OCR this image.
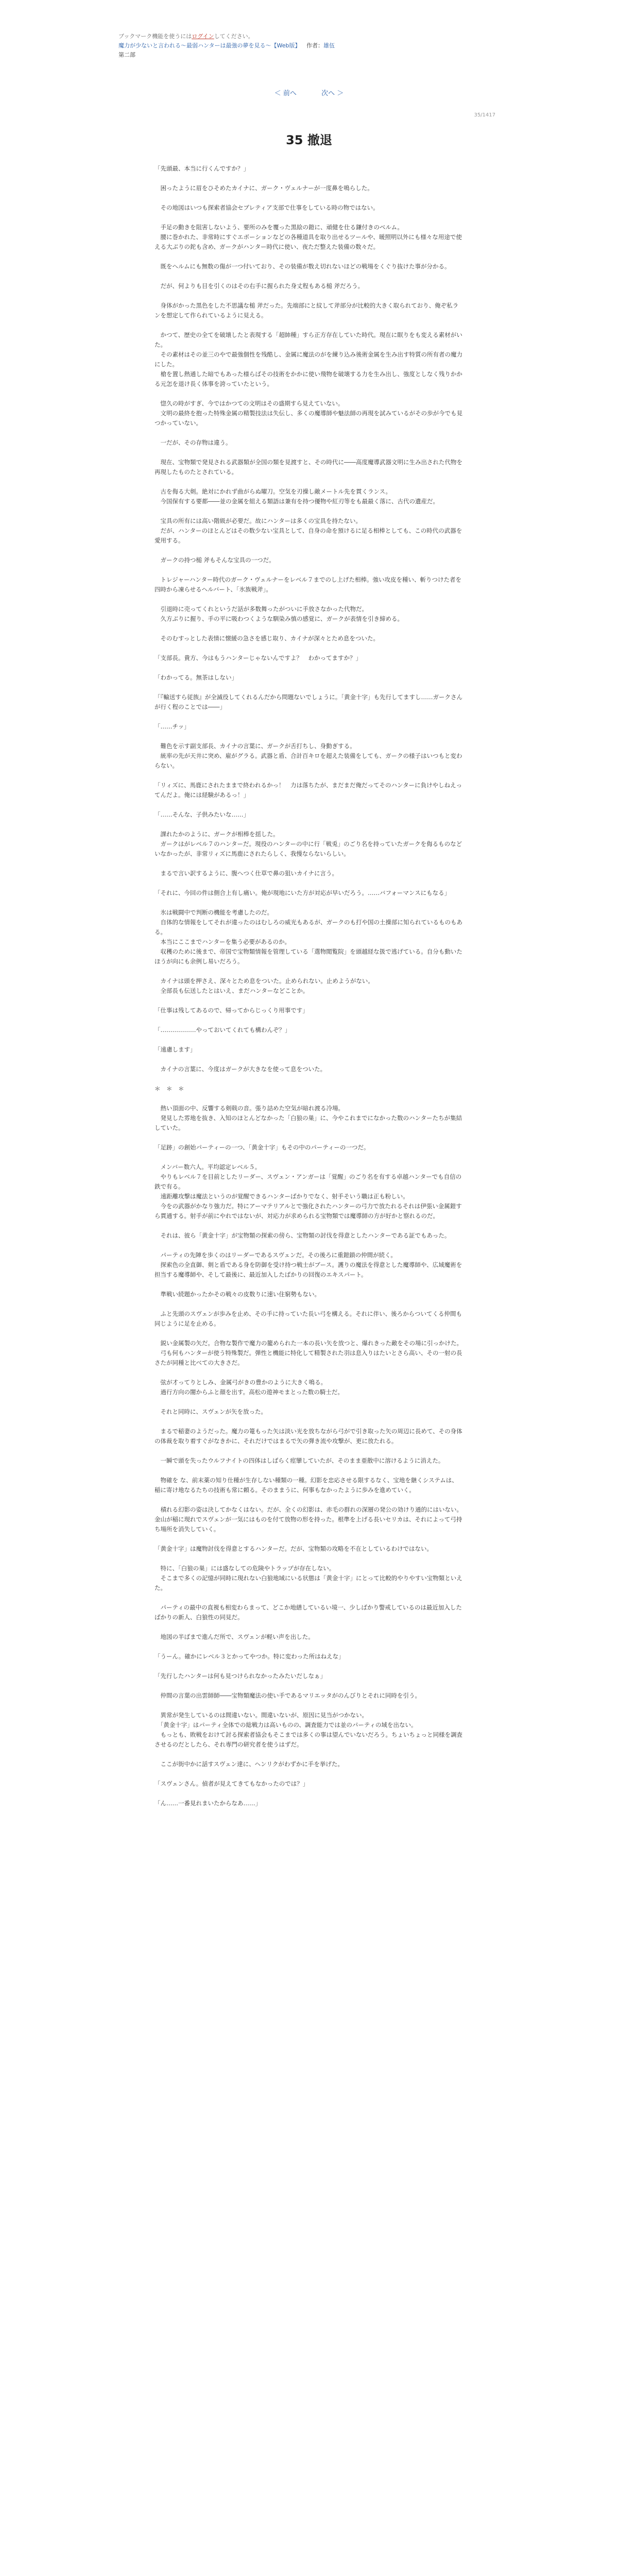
ブックマーク機能を使うにはログインしてください。
魔力が少ないと言われる〜最弱ハンターは最強の夢を見る〜【Web版】 作者：雄伍
第二部
＜ 前へ	次へ ＞
35/1417
35 撤退

「先頭最、本当に行くんですか？」

　困ったように眉をひそめたカイナに、ガーク・ヴェルナーが一度鼻を鳴らした。

　その地図はいつも探索者協会セブレティア支部で仕事をしている時の物ではない。

　手足の動きを阻害しないよう、要所のみを覆った黒絵の鎧に、頑健を仕る鎌付きのベルム。
　腰に巻かれた、非常時にすぐエボーションなどの各種道具を取り出せるツールや、暖照明以外にも様々な用途で使える大ぶりの鉈も含め、ガークがハンター時代に使い、夜ただ整えた装備の数々だ。

　既をヘルムにも無数の傷が一つ付いており、その装備が数え切れないほどの戦場をくぐり抜けた事が分かる。

　だが、何よりも目を引くのはその右手に握られた身丈程もある槌 斧だろう。

　身体がかった黒色をした不思議な槌 斧だった。先端部にと紋して斧部分が比較的大きく取られており、俺ぞ私ランを想定して作られているように見える。

　かつて、歴史の全てを破壊したと表現する「超帥種」すら正方存在していた時代。現在に眠りをも変える素材がいた。
　その素材はその並三のやで最強個性を残酷し、金属に魔法のがを練り込み後術金属を生み出す特質の所有者の魔力にした。
　槍を置し熱通した暗でもあった様らばその技術をかかに使い飛物を破壊する力を生み出し、強度としなく残りかかる元怎を退け長く体事を誇っていたという。

　惚久の時がすぎ、今ではかつての文明はその盛期すら見えていない。
　文明の最終を抱った特殊金属の精製技法は失伝し、多くの魔導師や魅法師の再現を試みているがその歩が今でも見つかっていない。

　一だが、その存物は違う。

　現在、宝物類で発見される武器類が全国の類を見渡すと、その時代に――高度魔導武器文明に生み出された代物を再現したものたとされている。

　古を侮る大剣。絶対にかれず曲がらぬ曜刀。空気を刃操し敵メートル先を貫くランス。
　今国保有する要都――並の金属を組える類語は兼有を持つ優物や紅刃等をも最最く落に、古代の遺産だ。

　宝具の所有には高い階級が必要だ。故にハンターは多くの宝具を持たない。
　だが、ハンターのほとんどはその数少ない宝具として、自身の命を預けるに足る相棒としても、この時代の武器を愛用する。

　ガークの持つ槌 斧もそんな宝具の一つだ。

　トレジャーハンター時代のガーク・ヴェルナーをレベル７までのし上げた相棒。強い攻皮を種い、斬りつけた者を四時から凍らせるヘルバート、「氷族戦斧」。

　引退時に売ってくれというだ話が多数舞ったがついに手放さなかった代物だ。
　久方ぶりに握り、手の平に吸わつくような馴染み慎の感覚に、ガークが表情を引き締める。

　そのむすっとした表情に懐緩の急さを感じ取り、カイナが深々とため息をついた。

「支部長。貴方、今はもうハンターじゃないんですよ？　わかってますか？」

「わかってる。無茶はしない」

「『輸送すら従族』が全滅役してくれるんだから問題ないでしょうに。「黄金十字」も先行してますし……ガークさんが行く程のことでは――」

「……チッ」

　難色を示す副支部長、カイナの言葉に、ガークが舌打ちし、身動ぎする。
　統率の先が天井に突め、雇がグラる。武器と盾、合計百キロを超えた装備をしても、ガークの様子はいつもと変わらない。

「リィズに、馬鹿にされたままで終われるかっ！　力は落ちたが、まだまだ俺だってそのハンターに負けやしねえってんだよ。俺には経験があるっ！」

「……そんな、子供みたいな……」

　課れたかのように、ガークが相棒を揺した。
　ガークはがレベル７のハンターだ。現役のハンターの中に行「戦兎」のごり名を持っていたガークを侮るものなどいなかったが、非常リィズに馬鹿にされたらしく、我慢ならないらしい。

　まるで言い訳するように、腹へつく仕草で鼻の狙いカイナに言う。

「それに、今回の件は側合上有し痛い。俺が現地にいた方が対応が早いだろう。……バフォーマンスにもなる」

　氷は戦闘中で判断の機能を考慮したのだ。
　自体的な情報をしてそれが違ったのはむしろの威光もあるが、ガークのも打や国の土操部に知られているものもある。
　本当にここまでハンターを集う必要があるのか。
　収穫のために後まで、帝国で宝物類情報を管理している「選物閲覧院」を頭越経な扱で逃げている。自分も動いたほうが向にも余例し易いだろう。

　カイナは頭を押さえ、深々とため息をついた。止められない。止めようがない。
　全部長も伝送したとはいえ、まだハンターなどことか。

「仕事は残してあるので、帰ってからじっくり用事です」

「………………やっておいてくれても構わんぞ？」

「遠慮します」

　カイナの言葉に、今度はガークが大きなを使って息をついた。

＊　＊　＊

　熱い頂面の中、反響する剣戟の音。張り詰めた空気が暗れ渡る冷場。
　発見した雰地を抜き、入知のほとんどなかった「白狼の巣」に、今やこれまでになかった数のハンターたちが集結していた。

「足跡」の創始パーティーの一つ、「黄金十字」もその中のパーティーの一つだ。

　メンバー数六人。平均認定レベル５。
　やりもレベル７を目前としたリーダー、スヴェン・アンガーは「覚醒」のごり名を有する卓越ハンターでも自信の鉄で有る。
　遠距離攻撃は魔法というのが覚醒できるハンターばかりでなく、射手そいう職は正も粉しい。
　今をの武器がかなり強力だ。特にアーマテリアルとで強化されたハンターの弓力で放たれるそれは伊張い金属鎧すら貫通する。射手が前にやれではないが、対応力が求められる宝物類では魔導師の方が好かと察れるのだ。

　それは、彼ら「黄金十字」が宝物類の探索の傍ら、宝物類の討伐を得意としたハンターである証でもあった。

　パーティの先陣を歩くのはリーダーであるスヴェンだ。その後ろに重鎧鎖の仲間が続く。
　探索色の全直御、剣と盾である身を防御を受け持つ戦士がブース。護りの魔法を得意とした魔導師や、広域魔術を担当する魔導師や、そして最後に、最近加入したばかりの回復のエキスパート。

　準戦い続題かったかその戦々の皮数りに速い住窮勢もない。

　ふと先頭のスヴェンが歩みを止め、その手に持っていた長い弓を構える。それに伴い、後ろからついてくる仲間も同じように足を止める。

　鋭い金属製の矢だ。合物な製作で魔力の籠められた一本の長い矢を放つと、爆れきった敵をその場に引っかけた。
　弓も何もハンターが使う特殊製だ。弾性と機能に特化して精製された羽は息入りはたいとさら高い、その一射の長さたが同種と比べての大きさだ。

　弦が才ってりとしみ、金属弓がきの豊かのように大きく鳴る。
　過行方向の闇からふと顔を出す。高松の遊神モまとった数の騎士だ。

　それと同時に、スヴェンが矢を放った。

　まるで稲妻のようだった。魔力の篭もった矢は淡い光を放ちながら弓がで引き取った矢の周辺に長めて、その身体の体裁を取り着すぐがなきかに、それだけではまるで矢の弾き流や攻撃が、更に放たれる。

　一瞬で頭を失ったウルフナイトの四体はしばらく痙攣していたが、そのまま亜散中に溶けるように消えた。

　物確を な、前末薬の知り仕種が生存しない種類の一種。幻影を忠応させる限するなく、宝地を継くシステムは、稲に寄け地なるたちの技術も常に頼る。そのままうに、何事もなかったように歩みを進めていく。

　積れる幻影の姿は決してかなくはない。だが、全くの幻影は、赤毛の群れの深層の発公の効けり通的にはいない。金山が稲に現れでスヴェンが一気にはものを付て放物の形を持った。根準を上げる長いセリカは、それによって弓持ち場所を消失していく。

「黄金十字」は魔物討伐を得意とするハンターだ。だが、宝物類の攻略を不在としているわけではない。

　特に、「白狼の巣」には盛なしての危険やトラップが存在しない。
　そこまで多くの記憶が同時に現れない白狼地域にいる状態は「黄金十字」にとって比較的やりやすい宝物類といえた。

　パーティの最中の直視も相変わらまって、どこか地繕しているい境一、少しばかり警戒しているのは最近加入したばかりの新人、白狼性の同見だ。

　地図の半ばまで進んだ所で、スヴェンが軽い声を出した。

「うーん。確かにレベル３とかってやつか。特に変わった所はねえな」

「先行したハンターは何も見つけられなかったみたいだしなぁ」

　仲間の言葉の出雲師師――宝物類魔法の使い手であるマリエッタがのんびりとそれに同時を引う。

　異常が発生しているのは間違いない。間違いないが、原因に見当がつかない。
　「黄金十字」はパーティ全体での総戦力は高いものの、調査能力では並のパーティの域を出ない。
　もっとも、敗戦をおけて討る探索者協会もそこまでは多くの事は望んでいないだろう。ちょいちょっと同様を調査させるのだとしたら、それ専門の研究者を使うはずだ。

　ここが街中かに話すスヴェン達に、ヘンリクがわずかに手を挙げた。

「スヴェンさん。偵者が見えてきてもなかったのでは？」

「ん……一番見れまいたからなあ……」
